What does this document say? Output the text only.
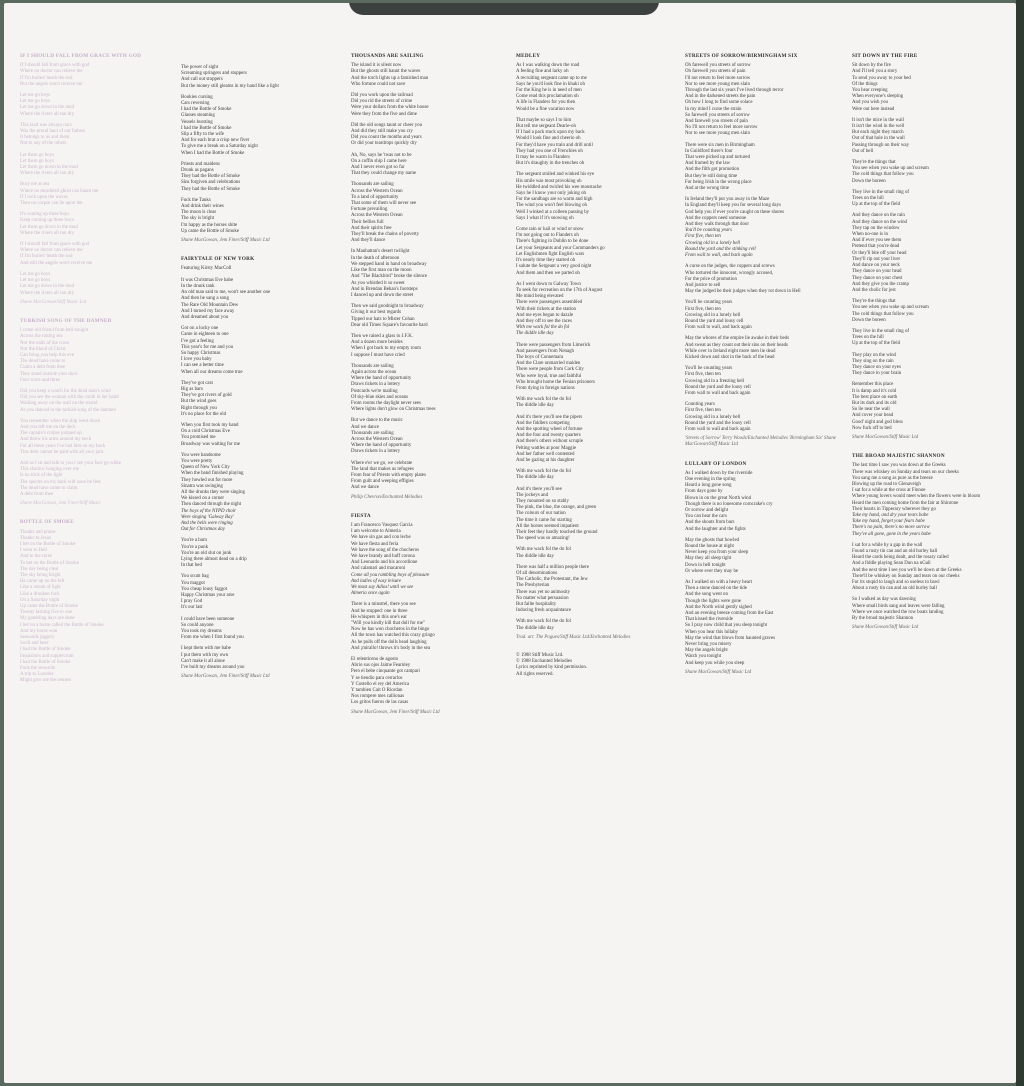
IF I SHOULD FALL FROM GRACE WITH GOD
If I should fall from grace with god
Where no doctor can relieve me
If I'm buried 'neath the sod
But the angels won't receive me
Let me go boys
Let me go boys
Let me go down in the mud
Where the rivers all run dry
This land was always ours
Was the proud land of our fathers
It belongs to us and them
Not to any of the others
Let them go boys
Let them go boys
Let them go down in the mud
Where the rivers all run dry
Bury me at sea
Where no murdered ghost can haunt me
If I rock upon the waves
Then no corpse can lie upon me
It's coming up three boys
Keep coming up three boys
Let them go down in the mud
Where the rivers all run dry
If I should fall from grace with god
Where no doctor can relieve me
If I'm buried 'neath the sod
And still the angels won't receive me
Let me go boys
Let me go boys
Let me go down in the mud
Where the rivers all run dry
Shane MacGowan/Stiff Music Ltd
TURKISH SONG OF THE DAMNED
I come old friend from hell tonight
Across the rotting sea
Nor the nails of the cross
Nor the blood of Christ
Can bring you help this eve
The dead have come to
Claim a debt from thee
They stand outside your door
Four score and three
Did you keep a watch for the dead man's wind
Did you see the woman with the comb in her hand
Walking away on the wall on the strand
As you danced in the turkish song of the damned
You remember when the ship went down
And you left me on the deck
The captain's corpse jumped up
And threw his arms around my neck
For all these years I've had him on my back
This debt cannot be paid with all your jack
And as I sit and talk to you I see your face go white
This shadow hanging over me
Is no trick of the light
The spectre on my back will soon be free
The dead have come to claim
A debt from thee
Shane MacGowan, Jem Finer/Stiff Music
BOTTLE OF SMOKE
Thanks and praise
Thanks to Jesus
I bet on the Bottle of Smoke
I went to Hell
And to the races
To bet on the Bottle of Smoke
The day being clear
The sky being bright
He came up on the left
Like a streak of light
Like a drunken fuck
On a Saturday night
Up came the Bottle of Smoke
Twenty lashing five to one
My gambling days are done
I bet on a horse called the Bottle of Smoke
And my horse won
Seawards jaggery
Swill and beer
I had the Bottle of Smoke
Inquisitors and suppercrum
I had the Bottle of Smoke
Fuck the stewards
A trip to Lourdes
Might give me the tenners
The power of sight
Screaming springers and stoppers
And call out stoppers
But the money still gleams in my hand like a light
Bookies cursing
Cars reversing
I had the Bottle of Smoke
Glasses steaming
Vessels bursting
I had the Bottle of Smoke
Slip a fifty to the wife
And for each brat a crisp new fiver
To give me a break on a Saturday night
When I had the Bottle of Smoke
Priests and maidens
Drunk as pagans
They had the Bottle of Smoke
Sins forgiven and celebrations
They had the Bottle of Smoke
Fuck the Tanks
And drink their wines
The moon is clear
The sky is bright
I'm happy as the horses shite
Up came the Bottle of Smoke
Shane MacGowan, Jem Finer/Stiff Music Ltd
FAIRYTALE OF NEW YORK
Featuring Kirsty MacColl
It was Christmas Eve babe
In the drunk tank
An old man said to me, won't see another one
And then he sang a song
The Rare Old Mountain Dew
And I turned my face away
And dreamed about you
Got on a lucky one
Came in eighteen to one
I've got a feeling
This year's for me and you
So happy Christmas
I love you baby
I can see a better time
When all our dreams come true
They've got cars
Big as bars
They've got rivers of gold
But the wind goes
Right through you
It's no place for the old
When you first took my hand
On a cold Christmas Eve
You promised me
Broadway was waiting for me
You were handsome
You were pretty
Queen of New York City
When the band finished playing
They howled out for more
Sinatra was swinging
All the drunks they were singing
We kissed on a corner
Then danced through the night
The boys of the NYPD choir
Were singing 'Galway Bay'
And the bells were ringing
Out for Christmas day
You're a bum
You're a punk
You're an old slut on junk
Lying there almost dead on a drip
In that bed
You scum bag
You maggot
You cheap lousy faggot
Happy Christmas your arse
I pray God
It's our last
I could have been someone
So could anyone
You took my dreams
From me when I first found you
I kept them with me babe
I put them with my own
Can't make it all alone
I've built my dreams around you
Shane MacGowan, Jem Finer/Stiff Music Ltd
THOUSANDS ARE SAILING
The island it is silent now
But the ghosts still haunt the waves
And the torch lights up a famished man
Who fortune could not save
Did you work upon the railroad
Did you rid the streets of crime
Were your dollars from the white house
Were they from the five and dime
Did the old songs taunt or cheer you
And did they still make you cry
Did you count the months and years
Or did your teardrops quickly dry
Ah, No, says he 'twas not to be
On a coffin ship I came here
And I never even got so far
That they could change my name
Thousands are sailing
Across the Western Ocean
To a land of opportunity
That some of them will never see
Fortune prevailing
Across the Western Ocean
Their bellies full
And their spirits free
They'll break the chains of poverty
And they'll dance
In Manhattan's desert twilight
In the death of afternoon
We stepped hand in hand on broadway
Like the first man on the moon
And "The Blackbird" broke the silence
As you whistled it so sweet
And in Brendan Behan's footsteps
I danced up and down the street
Then we said goodnight to broadway
Giving it our best regards
Tipped our hats to Mister Cohan
Dear old Times Square's favourite bard
Then we raised a glass to J.F.K.
And a dozen more besides
When I got back to my empty room
I suppose I must have cried
Thousands are sailing
Again across the ocean
Where the hand of opportunity
Draws tickets in a lottery
Postcards we're mailing
Of sky-blue skies and oceans
From rooms the daylight never sees
Where lights don't glow on Christmas trees
But we dance to the music
And we dance
Thousands are sailing
Across the Western Ocean
Where the hand of opportunity
Draws tickets in a lottery
Where e'er we go, we celebrate
The land that makes us refugees
From fear of Priests with empty plates
From guilt and weeping effigies
And we dance
Philip Chevron/Enchanted Melodies
FIESTA
I am Francesco Vasquez Garcia
I am welcome to Almeria
We have sin gas and con leche
We have fiesta and feria
We have the song of the chocheros
We have brandy and huff corona
And Leonardo and his accordione
And calamari and macaroni
Come all you rambling boys of pleasure
And ladies of easy leisure
We must say Adios! until we see
Almeria once again
There is a minstrel, there you see
And he stopped: one in three
He whispers in this one's ear
"Will you kindly kill that doll for me"
Now he has won chocheros in the bingo
All the town has watched this crazy gringo
As he pulls off the dolls head laughing
And ¡mirallo! throws it's body in the sea
El relenticeno de agosto
Abrio sus ojos Jaime Fearnley
Pero el bebe cinquante got campari
Y se tiendio para cerrarlos
Y Costello el rey del America
Y tambien Cait O Riordan
Nos rompere mes callionas
Los gritos fueros de las casas
Shane MacGowan, Jem Finer/Stiff Music Ltd
MEDLEY
As I was walking down the road
A feeling fine and larky oh
A recruiting sergeant came up to me
Says he you'd look fine in khaki oh
For the King he is in need of men
Come read this proclamation oh
A life in Flanders for you then
Would be a fine vacation now
That maybe so says I to him
But tell me sergeant Dearie-oh
If I had a pack stuck upon my back
Would I look fine and cheerio oh
For they'd have you train and drill until
They had you one of Frenchies oh
It may be warm in Flanders
But it's draughty in the trenches oh
The sergeant smiled and winked his eye
His smile was most provoking oh
He twiddled and twirled his wee moustache
Says he I know your only joking oh
For the sandbags are so warm and high
The wind you won't feel blowing oh
Well I winked at a colleen passing by
Says I what if it's snowing oh
Come rain or hail or wind or snow
I'm not going out to Flanders oh
There's fighting in Dublin to be done
Let your Sergeants and your Commanders go
Let Englishmen fight English wars
It's nearly time they started oh
I salute the Sergeant a very good night
And them and then we parted oh
As I went down to Galway Town
To seek for recreation on the 17th of August
Me mind being elevated
There were passengers assembled
With their tickets at the station
And me eyes began to dazzle
And they off to see the races
With me wack fol the do fol
The diddle idle day
There were passengers from Limerick
And passengers from Nenagh
The boys of Connemara
And the Clare unmarried maiden
There were people from Cork City
Who were loyal, true and faithful
Who brought home the Fenian prisoners
From dying in foreign nations
With me wack fol the do fol
The diddle idle day
And it's there you'll see the pipers
And the fiddlers competing
And the sporting wheel of fortune
And the four and twenty quarters
And there's others without scruple
Pelting wattles at poor Maggie
And her father well contented
And he gazing at his daughter
With me wack fol the do fol
The diddle idle day
And it's there you'll see
The jockeys and
They mounted on so stably
The pink, the blue, the orange, and green
The colours of our nation
The time it came for starting
All the horses seemed impatient
Their feet they hardly touched the ground
The speed was so amazing!
With me wack fol the do fol
The diddle idle day
There was half a million people there
Of all denominations
The Catholic, the Protestant, the Jew
The Presbyterian
There was yet no animosity
No matter what persuasion
But failte hospitality
Inducing fresh acquaintance
With me wack fol the do fol
The diddle idle day
Trad. arr. The Pogues/Stiff Music Ltd/Enchanted Melodies
© 1988 Stiff Music Ltd.
© 1988 Enchanted Melodies
Lyrics reprinted by kind permission.
All rights reserved.
STREETS OF SORROW/BIRMINGHAM SIX
Oh farewell you streets of sorrow
Oh farewell you streets of pain
I'll not return to feel more sorrow
Nor to see more young men slain
Through the last six years I've lived through terror
And in the darkened streets the pain
Oh how I long to find some solace
In my mind I curse the strain
So farewell you streets of sorrow
And farewell you streets of pain
No I'll not return to feel more sorrow
Nor to see more young men slain
There were six men in Birmingham
In Guildford there's four
That were picked up and tortured
And framed by the law
And the filth got promotion
But they're still doing time
For being Irish in the wrong place
And at the wrong time
In Ireland they'll put you away in the Maze
In England they'll keep you for several long days
God help you if ever you're caught on these shores
And the coppers need someone
And they walk through that door
You'll be counting years
First five, then ten
Growing old in a lonely hell
Round the yard and the stinking cell
From wall to wall, and back again
A curse on the judges, the coppers and screws
Who tortured the innocent, wrongly accused,
For the price of promotion
And justice to sell
May the judged be their judges when they rot down in Hell
You'll be counting years
First five, then ten
Growing old in a lonely hell
Round the yard and lousy cell
From wall to wall, and back again
May the whores of the empire lie awake in their beds
And sweat as they count out their sins on their heads
While over in Ireland eight more men lie dead
Kicked down and shot in the back of the head
You'll be counting years
First five, then ten
Growing old in a freezing hell
Round the yard and the lousy cell
From wall to wall and back again
Counting years
First five, then ten
Growing old in a lonely hell
Round the yard and the lousy cell
From wall to wall and back again
'Streets of Sorrow' Terry Woods/Enchanted Melodies 'Birmingham Six' Shane MacGowan/Stiff Music Ltd
LULLABY OF LONDON
As I walked down by the riverside
One evening in the spring
Heard a long gone song
From days gone by
Blown in on the great North wind
Though there is no lonesome corncrake's cry
Or sorrow and delight
You can hear the cars
And the shouts from bars
And the laughter and the fights
May the ghosts that howled
Round the house at night
Never keep you from your sleep
May they all sleep tight
Down in hell tonight
Or where ever they may be
As I walked on with a heavy heart
Then a stone danced on the tide
And the song went on
Though the lights were gone
And the North wind gently sighed
And an evening breeze coming from the East
That kissed the riverside
So I pray now child that you sleep tonight
When you hear this lullaby
May the wind that blows from haunted graves
Never bring you misery
May the angels bright
Watch you tonight
And keep you while you sleep
Shane MacGowan/Stiff Music Ltd
SIT DOWN BY THE FIRE
Sit down by the fire
And I'll tell you a story
To send you away to your bed
Of the things
You hear creeping
When everyone's sleeping
And you wish you
Were out here instead
It isn't the mice in the wall
It isn't the wind in the well
But each night they march
Out of that hole in the wall
Passing through on their way
Out of hell
They're the things that
You see when you wake up and scream
The cold things that follow you
Down the boreen
They live in the small ring of
Trees on the hill
Up at the top of the field
And they dance on the rain
And they dance on the wind
They tap on the window
When no-one is in
And if ever you see them
Pretend that you're dead
Or they'll bite off your head
They'll rip out your liver
And dance on your neck
They dance on your head
They dance on your chest
And they give you the cramp
And the cholic for jest
They're the things that
You see when you wake up and scream
The cold things that follow you
Down the boreen
They live in the small ring of
Trees on the hill
Up at the top of the field
They play on the wind
They sing on the rain
They dance on your eyes
They dance in your brain
Remember this place
It is damp and it's cold
The best place on earth
But its dark and its old
So lie near the wall
And cover your head
Good' night and god bless
Now fuck off to bed
Shane MacGowan/Stiff Music Ltd
THE BROAD MAJESTIC SHANNON
The last time I saw you was down at the Greeks
There was whiskey on Sunday and tears on our cheeks
You sang me a song as pure as the breeze
Blowing up the road to Glenaveigh
I sat for a while at the cross at Finnoe
Where young lovers would meet when the flowers were in bloom
Heard the men coming home from the fair at Shinrone
Their hearts in Tipperary wherever they go
Take my hand, and dry your tears babe
Take my hand, forget your fears babe
There's no pain, there's no more sorrow
They've all gone, gone in the years babe
I sat for a while by a gap in the wall
Found a rusty tin can and an old hurley ball
Heard the cards being dealt, and the rosary called
And a fiddle playing Sean Dun na nGall
And the next time I see you we'll be down at the Greeks
There'll be whiskey on Sunday and tears on our cheeks
For its stupid to laugh and so useless to bawl
About a rusty tin can and an old hurley ball
So I walked as day was dawning
Where small birds sang and leaves were falling
Where we once watched the row boats landing
By the broad majestic Shannon
Shane MacGowan/Stiff Music Ltd
